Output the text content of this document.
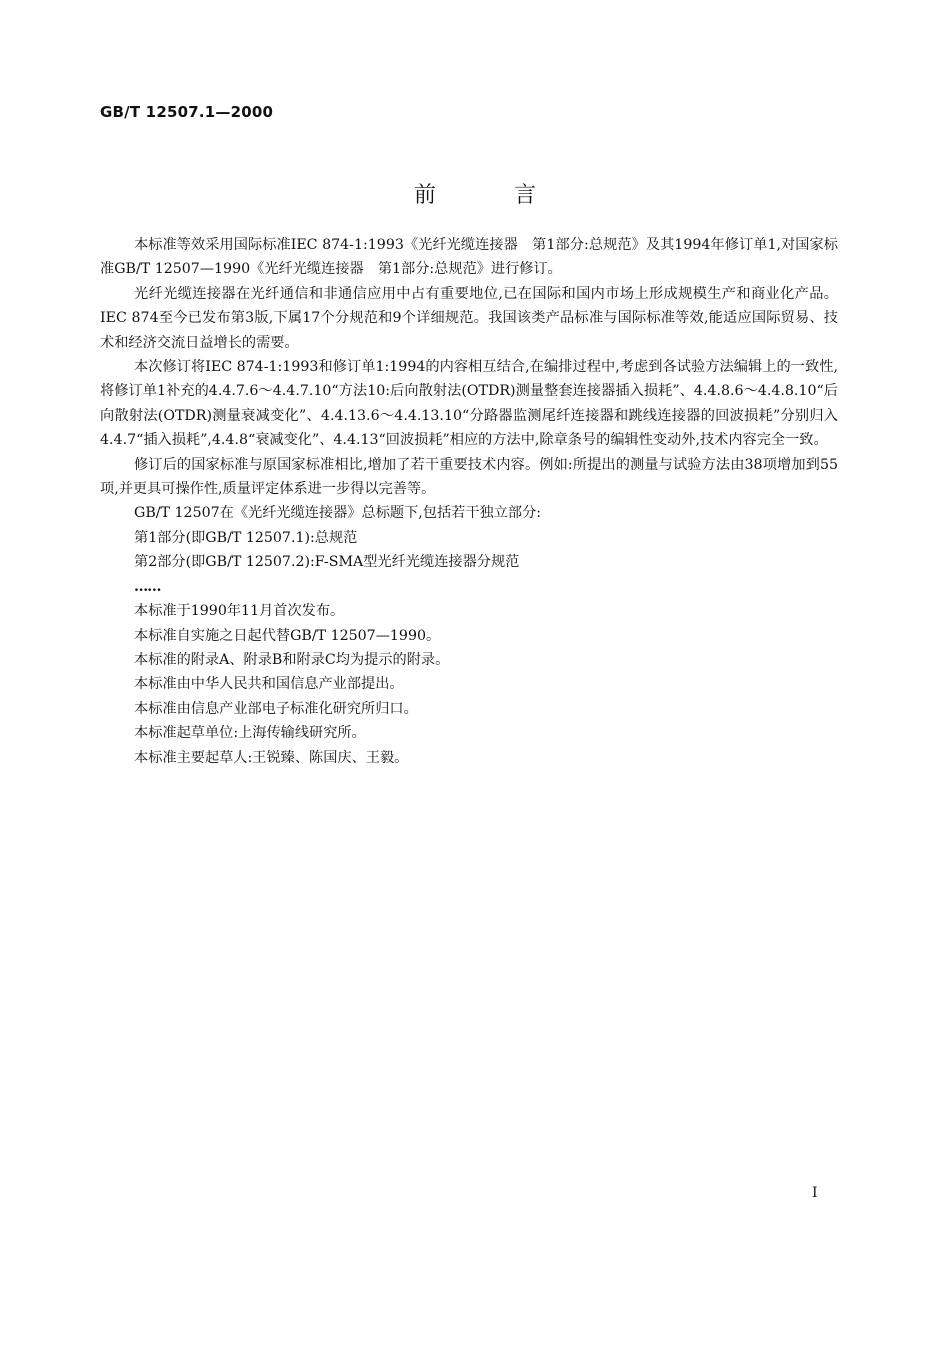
GB/T 12507.1—2000
前言

本标准等效采用国际标准IEC 874-1:1993《光纤光缆连接器　第1部分:总规范》及其1994年修订单1,对国家标准GB/T 12507—1990《光纤光缆连接器　第1部分:总规范》进行修订。

光纤光缆连接器在光纤通信和非通信应用中占有重要地位,已在国际和国内市场上形成规模生产和商业化产品。IEC 874至今已发布第3版,下属17个分规范和9个详细规范。我国该类产品标准与国际标准等效,能适应国际贸易、技术和经济交流日益增长的需要。

本次修订将IEC 874-1:1993和修订单1:1994的内容相互结合,在编排过程中,考虑到各试验方法编辑上的一致性,将修订单1补充的4.4.7.6～4.4.7.10“方法10:后向散射法(OTDR)测量整套连接器插入损耗”、4.4.8.6～4.4.8.10“后向散射法(OTDR)测量衰减变化”、4.4.13.6～4.4.13.10“分路器监测尾纤连接器和跳线连接器的回波损耗”分别归入4.4.7“插入损耗”,4.4.8“衰减变化”、4.4.13“回波损耗”相应的方法中,除章条号的编辑性变动外,技术内容完全一致。

修订后的国家标准与原国家标准相比,增加了若干重要技术内容。例如:所提出的测量与试验方法由38项增加到55项,并更具可操作性,质量评定体系进一步得以完善等。

GB/T 12507在《光纤光缆连接器》总标题下,包括若干独立部分:

第1部分(即GB/T 12507.1):总规范

第2部分(即GB/T 12507.2):F-SMA型光纤光缆连接器分规范

……

本标准于1990年11月首次发布。

本标准自实施之日起代替GB/T 12507—1990。

本标准的附录A、附录B和附录C均为提示的附录。

本标准由中华人民共和国信息产业部提出。

本标准由信息产业部电子标准化研究所归口。

本标准起草单位:上海传输线研究所。

本标准主要起草人:王锐臻、陈国庆、王毅。

I
